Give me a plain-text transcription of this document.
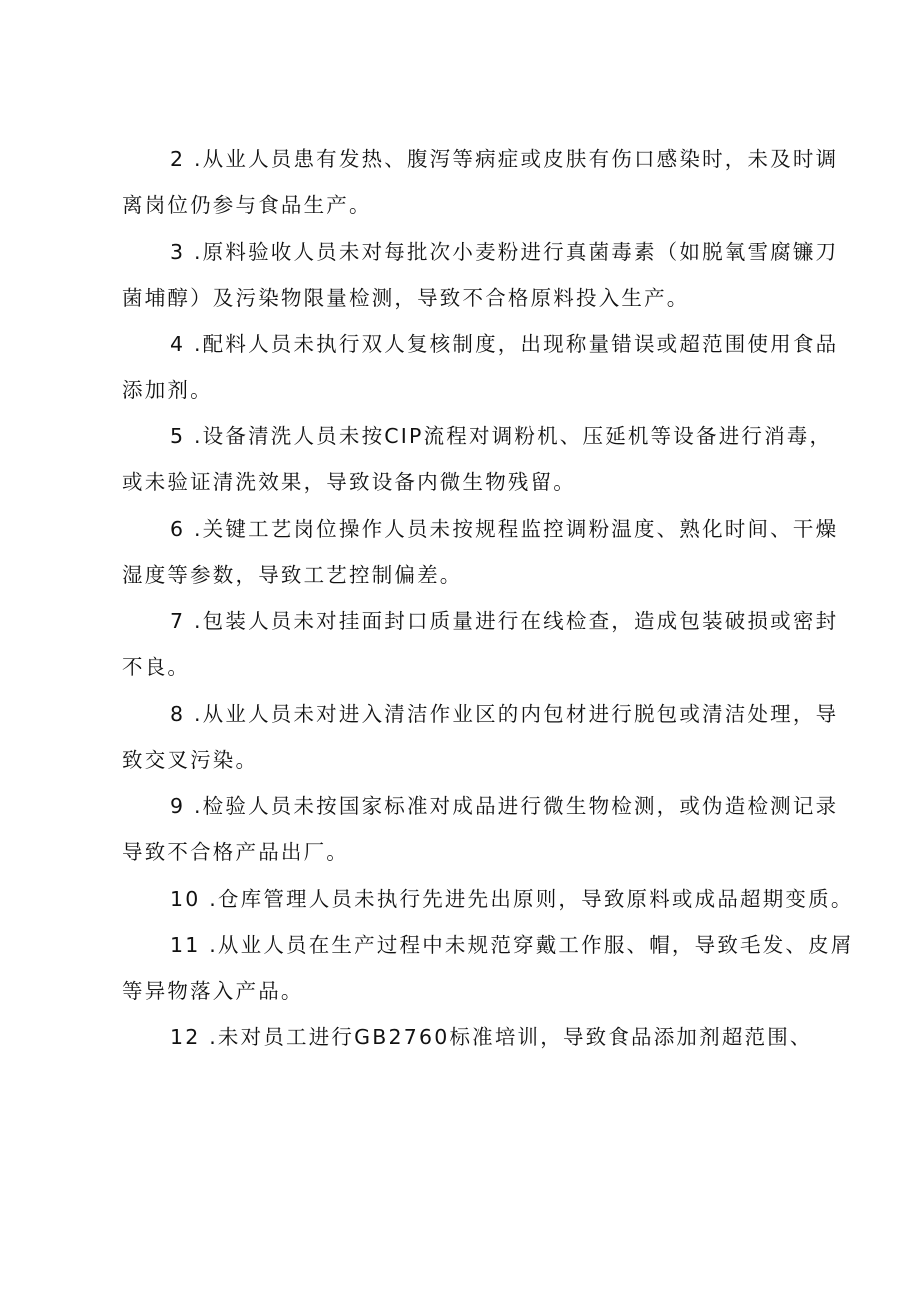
2 .从业人员患有发热、腹泻等病症或皮肤有伤口感染时，未及时调
离岗位仍参与食品生产。

3 .原料验收人员未对每批次小麦粉进行真菌毒素（如脱氧雪腐镰刀
菌埔醇）及污染物限量检测，导致不合格原料投入生产。

4 .配料人员未执行双人复核制度，出现称量错误或超范围使用食品
添加剂。

5 .设备清洗人员未按CIP流程对调粉机、压延机等设备进行消毒，
或未验证清洗效果，导致设备内微生物残留。

6 .关键工艺岗位操作人员未按规程监控调粉温度、熟化时间、干燥
湿度等参数，导致工艺控制偏差。

7 .包装人员未对挂面封口质量进行在线检查，造成包装破损或密封
不良。

8 .从业人员未对进入清洁作业区的内包材进行脱包或清洁处理，导
致交叉污染。

9 .检验人员未按国家标准对成品进行微生物检测，或伪造检测记录
导致不合格产品出厂。

10 .仓库管理人员未执行先进先出原则，导致原料或成品超期变质。

11 .从业人员在生产过程中未规范穿戴工作服、帽，导致毛发、皮屑
等异物落入产品。

12 .未对员工进行GB2760标准培训，导致食品添加剂超范围、
